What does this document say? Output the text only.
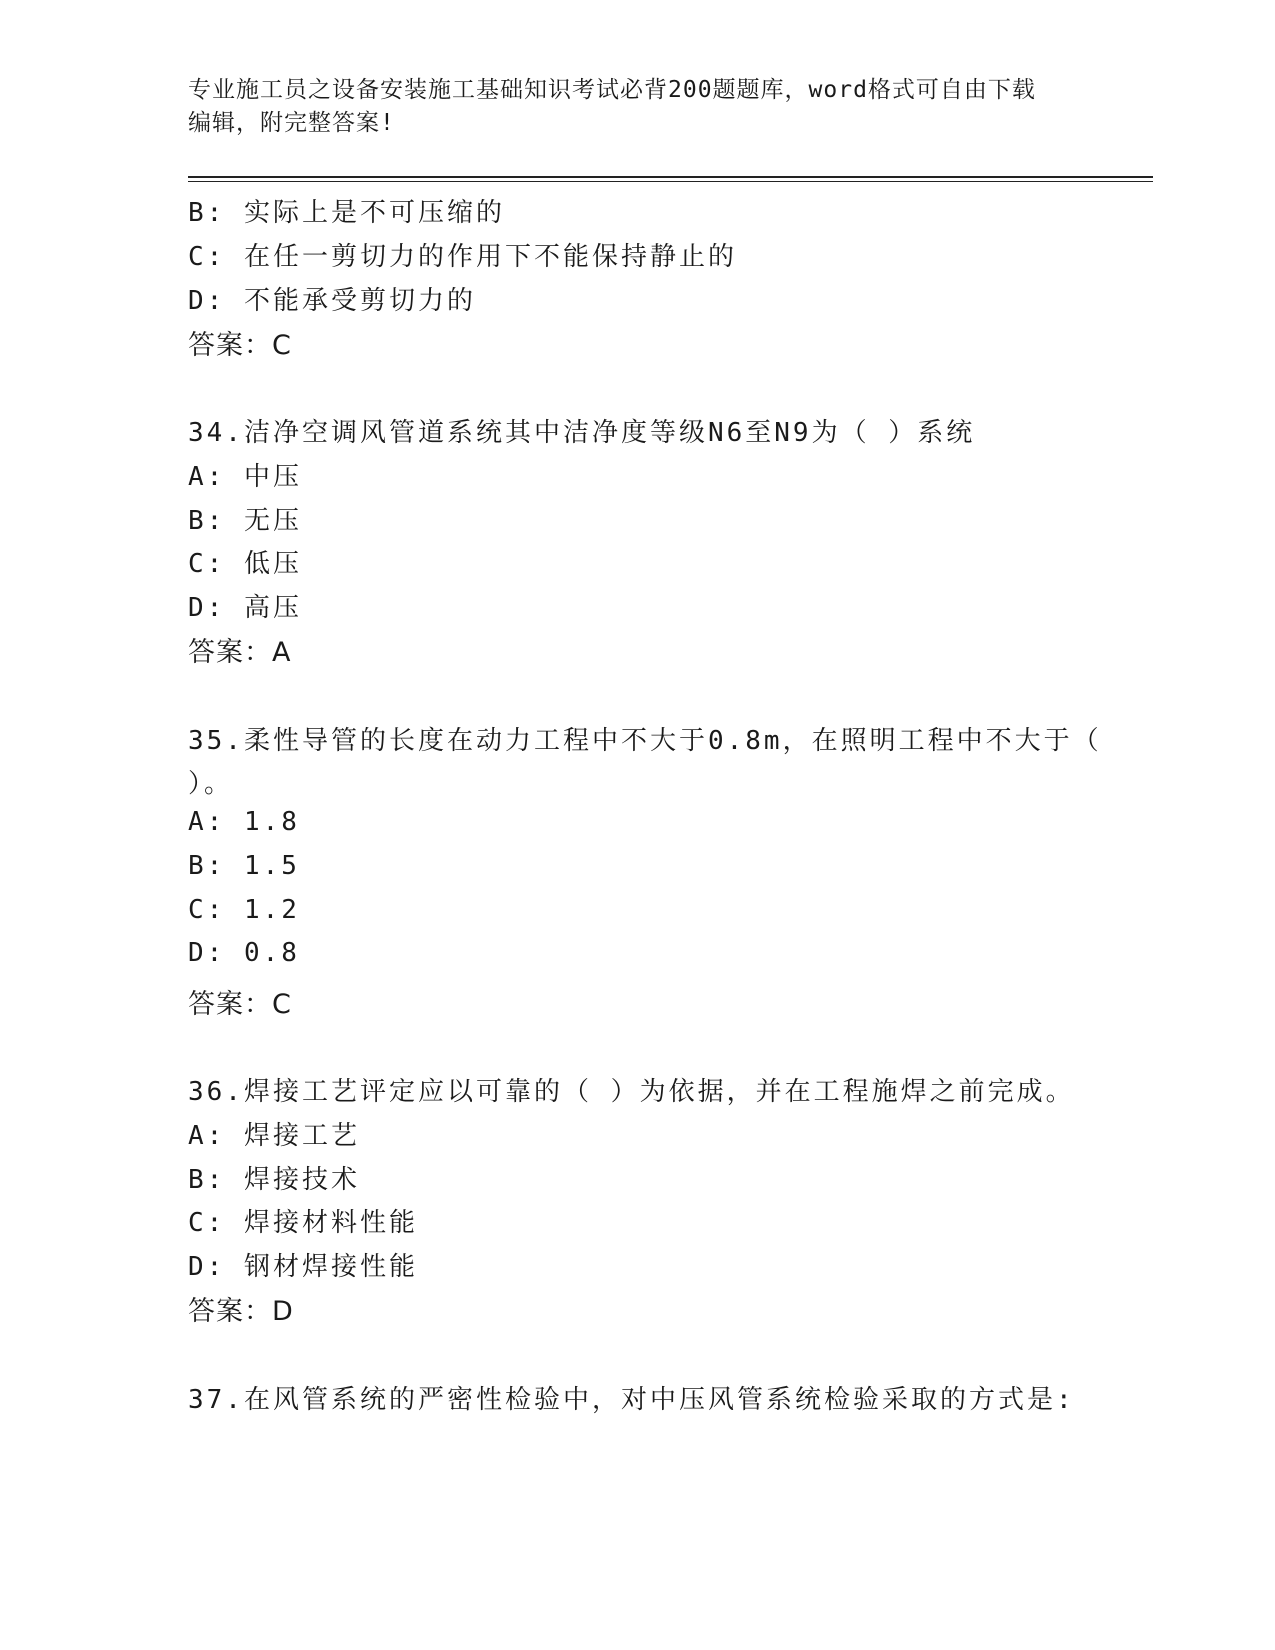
专业施工员之设备安装施工基础知识考试必背200题题库，word格式可自由下载
编辑，附完整答案!
B: 实际上是不可压缩的
C: 在任一剪切力的作用下不能保持静止的
D: 不能承受剪切力的
答案：C
34.洁净空调风管道系统其中洁净度等级N6至N9为（ ）系统
A: 中压
B: 无压
C: 低压
D: 高压
答案：A
35.柔性导管的长度在动力工程中不大于0.8m，在照明工程中不大于（
）。
A: 1.8
B: 1.5
C: 1.2
D: 0.8
答案：C
36.焊接工艺评定应以可靠的（ ）为依据，并在工程施焊之前完成。
A: 焊接工艺
B: 焊接技术
C: 焊接材料性能
D: 钢材焊接性能
答案：D
37.在风管系统的严密性检验中，对中压风管系统检验采取的方式是:
